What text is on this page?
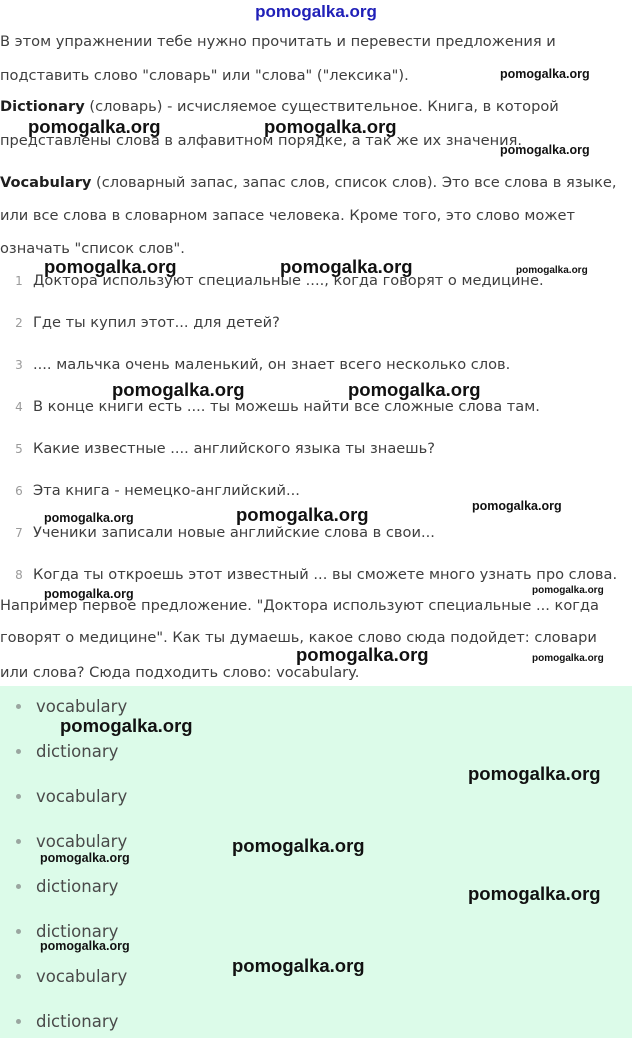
pomogalka.org
В этом упражнении тебе нужно прочитать и перевести предложения и
подставить слово "словарь" или "слова" ("лексика").
Dictionary (словарь) - исчисляемое существительное. Книга, в которой
представлены слова в алфавитном порядке, а так же их значения.
Vocabulary (словарный запас, запас слов, список слов). Это все слова в языке,
или все слова в словарном запасе человека. Кроме того, это слово может
означать "список слов".
1 Доктора используют специальные ...., когда говорят о медицине.
2 Где ты купил этот... для детей?
3 .... мальчка очень маленький, он знает всего несколько слов.
4 В конце книги есть .... ты можешь найти все сложные слова там.
5 Какие известные .... английского языка ты знаешь?
6 Эта книга - немецко-английский...
7 Ученики записали новые английские слова в свои...
8 Когда ты откроешь этот известный ... вы сможете много узнать про слова.
Например первое предложение. "Доктора используют специальные ... когда
говорят о медицине". Как ты думаешь, какое слово сюда подойдет: словари
или слова? Сюда подходить слово: vocabulary.
vocabulary
dictionary
vocabulary
vocabulary
dictionary
dictionary
vocabulary
dictionary
pomogalka.org
pomogalka.org	pomogalka.org
pomogalka.org
pomogalka.org	pomogalka.org	pomogalka.org
pomogalka.org	pomogalka.org
pomogalka.org
pomogalka.org	pomogalka.org
pomogalka.org
pomogalka.org
pomogalka.org	pomogalka.org
pomogalka.org
pomogalka.org
pomogalka.org
pomogalka.org
pomogalka.org
pomogalka.org
pomogalka.org
